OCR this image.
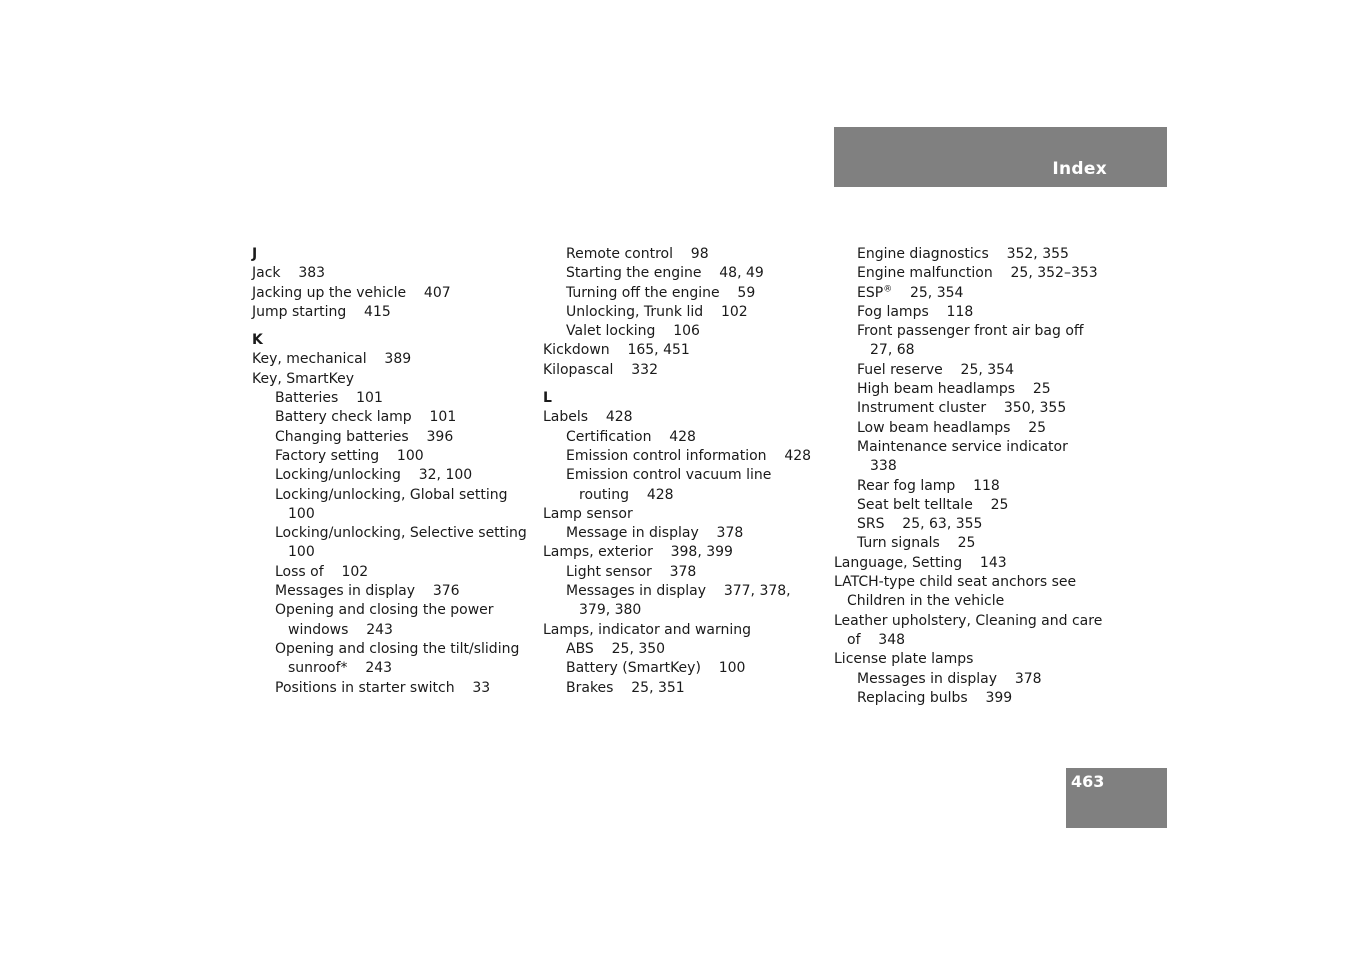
Index
J
Jack    383
Jacking up the vehicle    407
Jump starting    415
K
Key, mechanical    389
Key, SmartKey
Batteries    101
Battery check lamp    101
Changing batteries    396
Factory setting    100
Locking/unlocking    32, 100
Locking/unlocking, Global setting    100
Locking/unlocking, Selective setting    100
Loss of    102
Messages in display    376
Opening and closing the power windows    243
Opening and closing the tilt/sliding sunroof*    243
Positions in starter switch    33
Remote control    98
Starting the engine    48, 49
Turning off the engine    59
Unlocking, Trunk lid    102
Valet locking    106
Kickdown    165, 451
Kilopascal    332
L
Labels    428
Certification    428
Emission control information    428
Emission control vacuum line routing    428
Lamp sensor
Message in display    378
Lamps, exterior    398, 399
Light sensor    378
Messages in display    377, 378, 379, 380
Lamps, indicator and warning
ABS    25, 350
Battery (SmartKey)    100
Brakes    25, 351
Engine diagnostics    352, 355
Engine malfunction    25, 352–353
ESP®    25, 354
Fog lamps    118
Front passenger front air bag off    27, 68
Fuel reserve    25, 354
High beam headlamps    25
Instrument cluster    350, 355
Low beam headlamps    25
Maintenance service indicator    338
Rear fog lamp    118
Seat belt telltale    25
SRS    25, 63, 355
Turn signals    25
Language, Setting    143
LATCH-type child seat anchors see Children in the vehicle
Leather upholstery, Cleaning and care of    348
License plate lamps
Messages in display    378
Replacing bulbs    399
463
